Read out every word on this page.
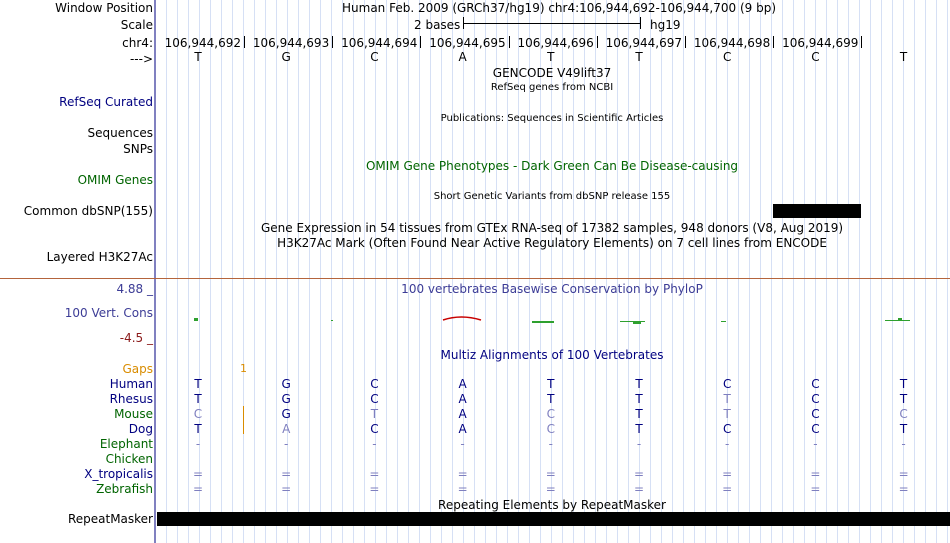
Window Position	Human Feb. 2009 (GRCh37/hg19) chr4:106,944,692-106,944,700 (9 bp)
Scale	2 bases	hg19
chr4: 106,944,692 106,944,693 106,944,694 106,944,695 106,944,696 106,944,697 106,944,698 106,944,699
--->	T	G	C	A	T	T	C	C	T
GENCODE V49lift37
RefSeq genes from NCBI
RefSeq Curated
Publications: Sequences in Scientific Articles
Sequences
SNPs
OMIM Gene Phenotypes - Dark Green Can Be Disease-causing
OMIM Genes
Short Genetic Variants from dbSNP release 155
Common dbSNP(155)
Gene Expression in 54 tissues from GTEx RNA-seq of 17382 samples, 948 donors (V8, Aug 2019)
H3K27Ac Mark (Often Found Near Active Regulatory Elements) on 7 cell lines from ENCODE
Layered H3K27Ac
4.88 _	100 vertebrates Basewise Conservation by PhyloP
100 Vert. Cons
-4.5 _
Multiz Alignments of 100 Vertebrates
Gaps	1
Human	T	G	C	A	T	T	C	C	T
Rhesus	T	G	C	A	T	T	T	C	T
Mouse	C	G	T	A	C	T	T	C	C
Dog	T	A	C	A	C	T	C	C	T
Elephant	-	-	-	-	-	-	-	-	-
Chicken
X_tropicalis	=	=	=	=	=	=	=	=	=
Zebrafish	=	=	=	=	=	=	=	=	=
Repeating Elements by RepeatMasker
RepeatMasker
